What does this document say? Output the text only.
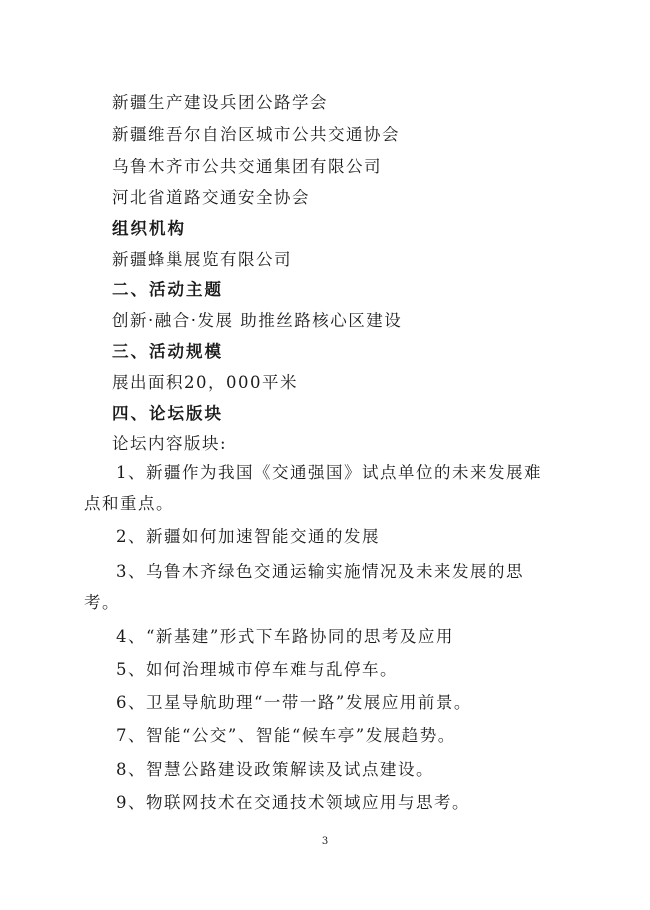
新疆生产建设兵团公路学会
新疆维吾尔自治区城市公共交通协会
乌鲁木齐市公共交通集团有限公司
河北省道路交通安全协会
组织机构
新疆蜂巢展览有限公司
二、活动主题
创新·融合·发展 助推丝路核心区建设
三、活动规模
展出面积20，000平米
四、论坛版块
论坛内容版块:
1、新疆作为我国《交通强国》试点单位的未来发展难
点和重点。
2、新疆如何加速智能交通的发展
3、乌鲁木齐绿色交通运输实施情况及未来发展的思
考。
4、“新基建”形式下车路协同的思考及应用
5、如何治理城市停车难与乱停车。
6、卫星导航助理“一带一路”发展应用前景。
7、智能“公交”、智能“候车亭”发展趋势。
8、智慧公路建设政策解读及试点建设。
9、物联网技术在交通技术领域应用与思考。
3
